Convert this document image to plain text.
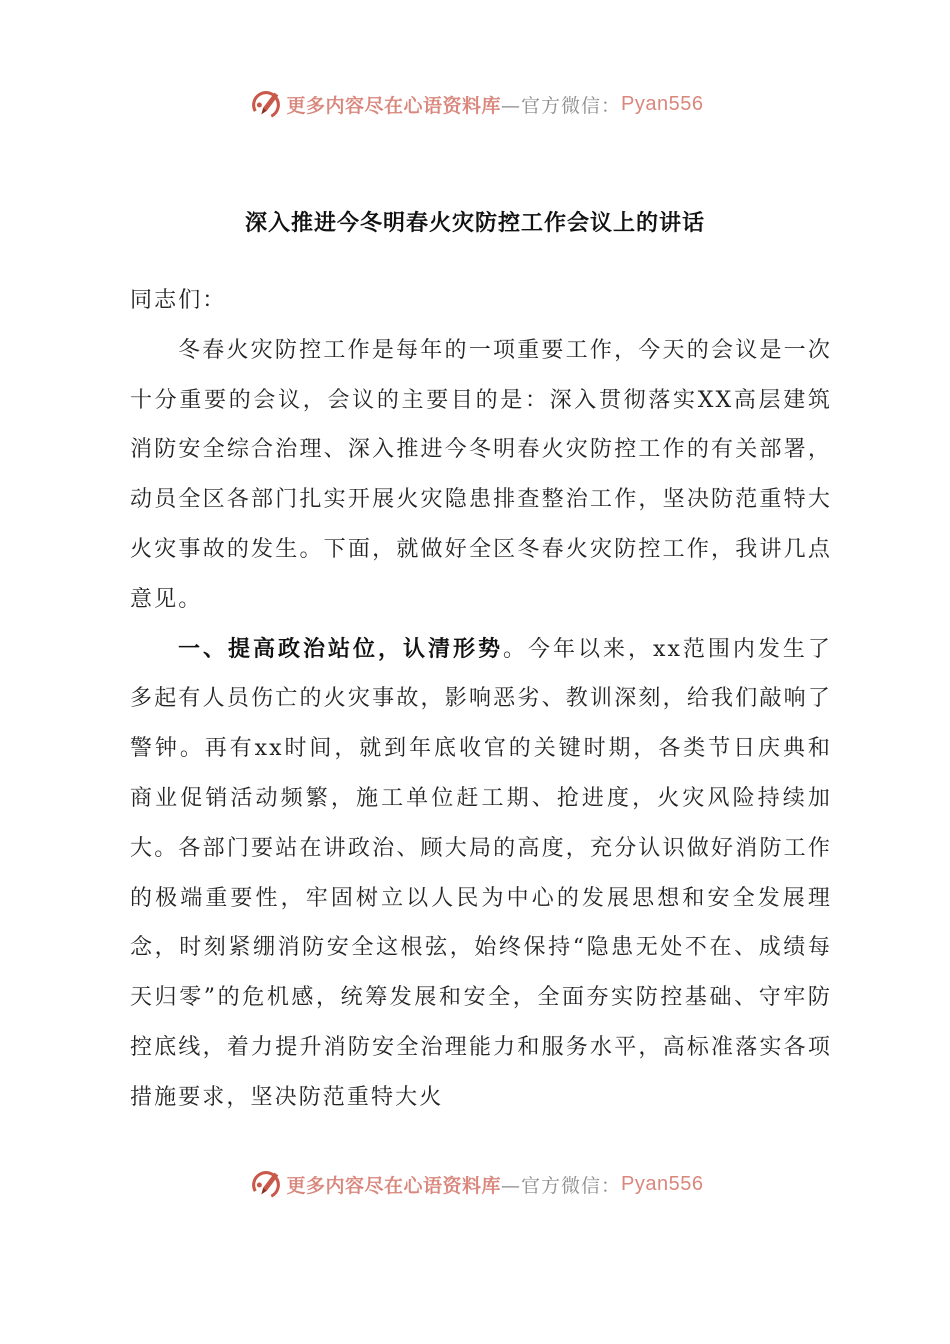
更多内容尽在心语资料库 —官方微信： Pyan556
深入推进今冬明春火灾防控工作会议上的讲话

同志们：

冬春火灾防控工作是每年的一项重要工作，今天的会议是一次十分重要的会议，会议的主要目的是：深入贯彻落实XX高层建筑消防安全综合治理、深入推进今冬明春火灾防控工作的有关部署，动员全区各部门扎实开展火灾隐患排查整治工作，坚决防范重特大火灾事故的发生。下面，就做好全区冬春火灾防控工作，我讲几点意见。

一、提高政治站位，认清形势。今年以来，xx范围内发生了多起有人员伤亡的火灾事故，影响恶劣、教训深刻，给我们敲响了警钟。再有xx时间，就到年底收官的关键时期，各类节日庆典和商业促销活动频繁，施工单位赶工期、抢进度，火灾风险持续加大。各部门要站在讲政治、顾大局的高度，充分认识做好消防工作的极端重要性，牢固树立以人民为中心的发展思想和安全发展理念，时刻紧绷消防安全这根弦，始终保持“隐患无处不在、成绩每天归零”的危机感，统筹发展和安全，全面夯实防控基础、守牢防控底线，着力提升消防安全治理能力和服务水平，高标准落实各项措施要求，坚决防范重特大火

更多内容尽在心语资料库 —官方微信： Pyan556
